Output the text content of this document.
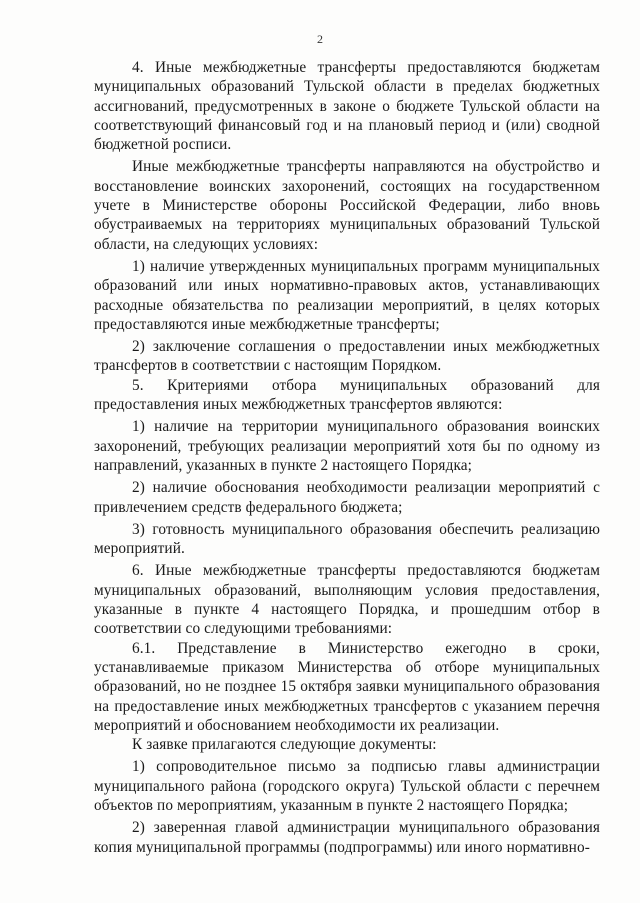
2

4. Иные межбюджетные трансферты предоставляются бюджетам муниципальных образований Тульской области в пределах бюджетных ассигнований, предусмотренных в законе о бюджете Тульской области на соответствующий финансовый год и на плановый период и (или) сводной бюджетной росписи.

Иные межбюджетные трансферты направляются на обустройство и восстановление воинских захоронений, состоящих на государственном учете в Министерстве обороны Российской Федерации, либо вновь обустраиваемых на территориях муниципальных образований Тульской области, на следующих условиях:

1) наличие утвержденных муниципальных программ муниципальных образований или иных нормативно-правовых актов, устанавливающих расходные обязательства по реализации мероприятий, в целях которых предоставляются иные межбюджетные трансферты;

2) заключение соглашения о предоставлении иных межбюджетных трансфертов в соответствии с настоящим Порядком.

5. Критериями отбора муниципальных образований для предоставления иных межбюджетных трансфертов являются:

1) наличие на территории муниципального образования воинских захоронений, требующих реализации мероприятий хотя бы по одному из направлений, указанных в пункте 2 настоящего Порядка;

2) наличие обоснования необходимости реализации мероприятий с привлечением средств федерального бюджета;

3) готовность муниципального образования обеспечить реализацию мероприятий.

6. Иные межбюджетные трансферты предоставляются бюджетам муниципальных образований, выполняющим условия предоставления, указанные в пункте 4 настоящего Порядка, и прошедшим отбор в соответствии со следующими требованиями:

6.1. Представление в Министерство ежегодно в сроки, устанавливаемые приказом Министерства об отборе муниципальных образований, но не позднее 15 октября заявки муниципального образования на предоставление иных межбюджетных трансфертов с указанием перечня мероприятий и обоснованием необходимости их реализации.

К заявке прилагаются следующие документы:

1) сопроводительное письмо за подписью главы администрации муниципального района (городского округа) Тульской области с перечнем объектов по мероприятиям, указанным в пункте 2 настоящего Порядка;

2) заверенная главой администрации муниципального образования копия муниципальной программы (подпрограммы) или иного нормативно-
